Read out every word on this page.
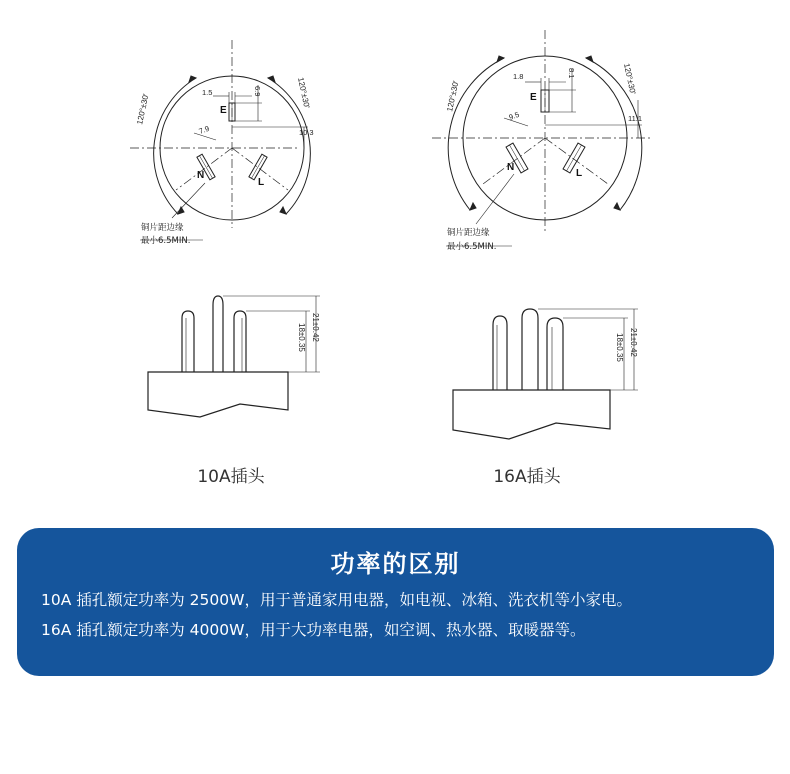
120°±30'
120°±30'
1.5	6.9
10.3
7.9
E
N
L
铜片距边缘
最小6.5MIN.
120°±30'
120°±30'
1.8	8.1
11.1
9.5
E
N
L
铜片距边缘
最小6.5MIN.
21±0.42
18±0.35	21±0.42
18±0.35
10A插头	16A插头
功率的区别
10A 插孔额定功率为 2500W，用于普通家用电器，如电视、冰箱、洗衣机等小家电。
16A 插孔额定功率为 4000W，用于大功率电器，如空调、热水器、取暖器等。
